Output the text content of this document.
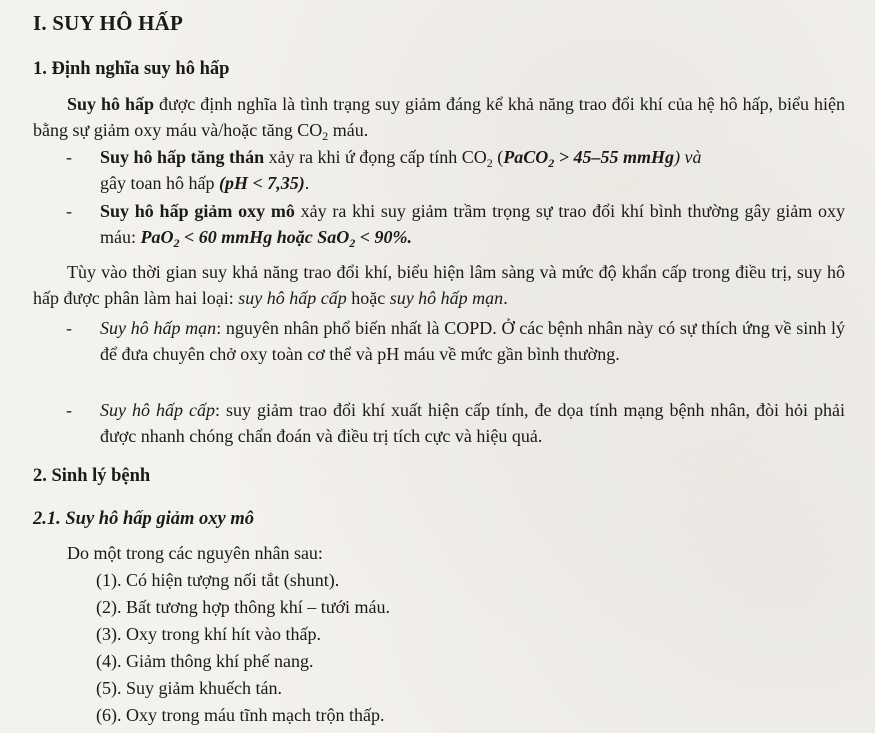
I. SUY HÔ HẤP
1. Định nghĩa suy hô hấp
Suy hô hấp được định nghĩa là tình trạng suy giảm đáng kể khả năng trao đổi khí của hệ hô hấp, biểu hiện bằng sự giảm oxy máu và/hoặc tăng $CO_2$ máu.
-	Suy hô hấp tăng thán xảy ra khi ứ đọng cấp tính $CO_2$ (PaCO$_2$ > 45–55 mmHg) và
gây toan hô hấp (pH < 7,35).
-	Suy hô hấp giảm oxy mô xảy ra khi suy giảm trầm trọng sự trao đổi khí bình thường gây giảm oxy máu: PaO$_2$ < 60 mmHg hoặc SaO$_2$ < 90%.
Tùy vào thời gian suy khả năng trao đổi khí, biểu hiện lâm sàng và mức độ khẩn cấp trong điều trị, suy hô hấp được phân làm hai loại: suy hô hấp cấp hoặc suy hô hấp mạn.
-	Suy hô hấp mạn: nguyên nhân phổ biến nhất là COPD. Ở các bệnh nhân này có sự thích ứng về sinh lý để đưa chuyên chở oxy toàn cơ thể và pH máu về mức gần bình thường.
-	Suy hô hấp cấp: suy giảm trao đổi khí xuất hiện cấp tính, đe dọa tính mạng bệnh nhân, đòi hỏi phải được nhanh chóng chẩn đoán và điều trị tích cực và hiệu quả.
2. Sinh lý bệnh
2.1. Suy hô hấp giảm oxy mô
Do một trong các nguyên nhân sau:
(1). Có hiện tượng nối tắt (shunt).
(2). Bất tương hợp thông khí – tưới máu.
(3). Oxy trong khí hít vào thấp.
(4). Giảm thông khí phế nang.
(5). Suy giảm khuếch tán.
(6). Oxy trong máu tĩnh mạch trộn thấp.
